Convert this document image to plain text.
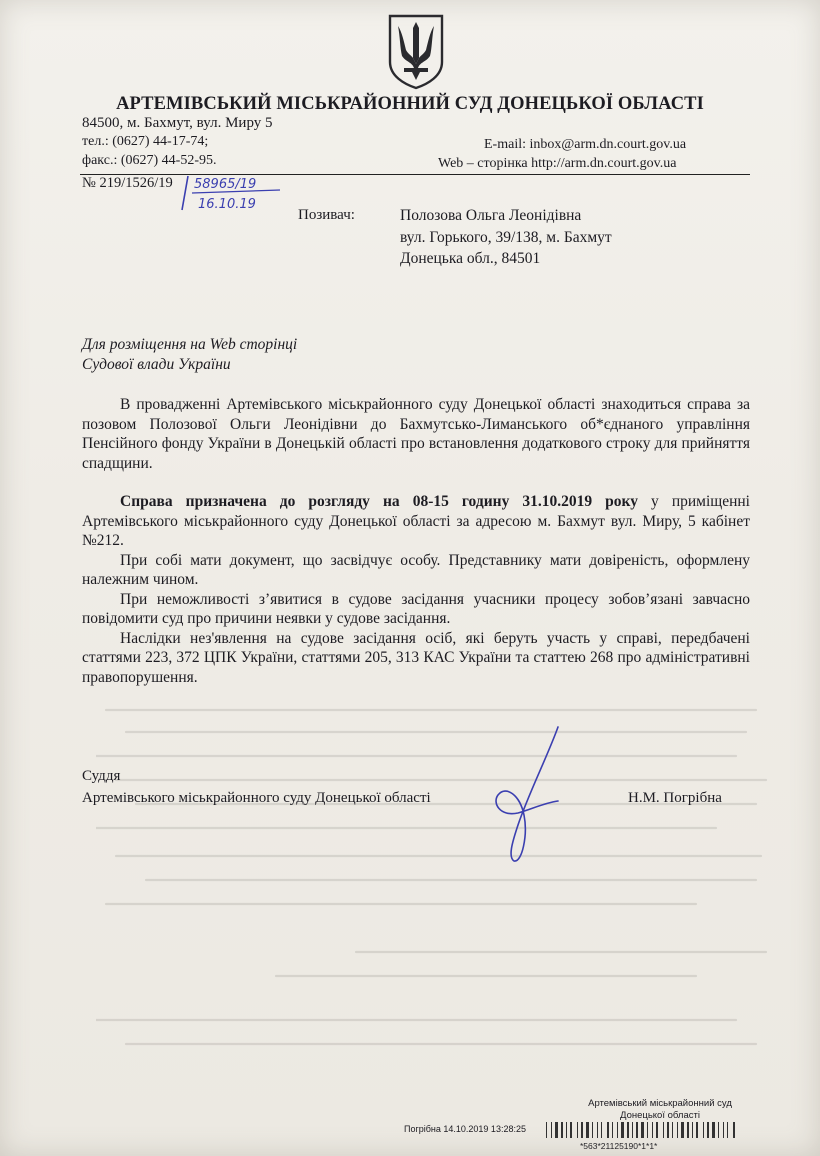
АРТЕМІВСЬКИЙ МІСЬКРАЙОННИЙ СУД ДОНЕЦЬКОЇ ОБЛАСТІ
84500, м. Бахмут, вул. Миру 5
тел.: (0627) 44-17-74;
факс.: (0627) 44-52-95.
E-mail: inbox@arm.dn.court.gov.ua
Web – сторінка http://arm.dn.court.gov.ua
№ 219/1526/19 58965/19
16.10.19
Позивач:	Полозова Ольга Леонідівна
вул. Горького, 39/138, м. Бахмут
Донецька обл., 84501
Для розміщення на Web сторінці
Судової влади України

В провадженні Артемівського міськрайонного суду Донецької області знаходиться справа за позовом Полозової Ольги Леонідівни до Бахмутсько-Лиманського об*єднаного управління Пенсійного фонду України в Донецькій області про встановлення додаткового строку для прийняття спадщини.

Справа призначена до розгляду на 08-15 годину 31.10.2019 року у приміщенні Артемівського міськрайонного суду Донецької області за адресою м. Бахмут вул. Миру, 5 кабінет №212.

При собі мати документ, що засвідчує особу. Представнику мати довіреність, оформлену належним чином.

При неможливості з’явитися в судове засідання учасники процесу зобов’язані завчасно повідомити суд про причини неявки у судове засідання.

Наслідки нез'явлення на судове засідання осіб, які беруть участь у справі, передбачені статтями 223, 372 ЦПК України, статтями 205, 313 КАС України та статтею 268 про адміністративні правопорушення.

Суддя
Артемівського міськрайонного суду Донецької області	Н.М. Погрібна
Артемівський міськрайонний суд
Донецької області
Погрібна 14.10.2019 13:28:25
*563*21125190*1*1*
